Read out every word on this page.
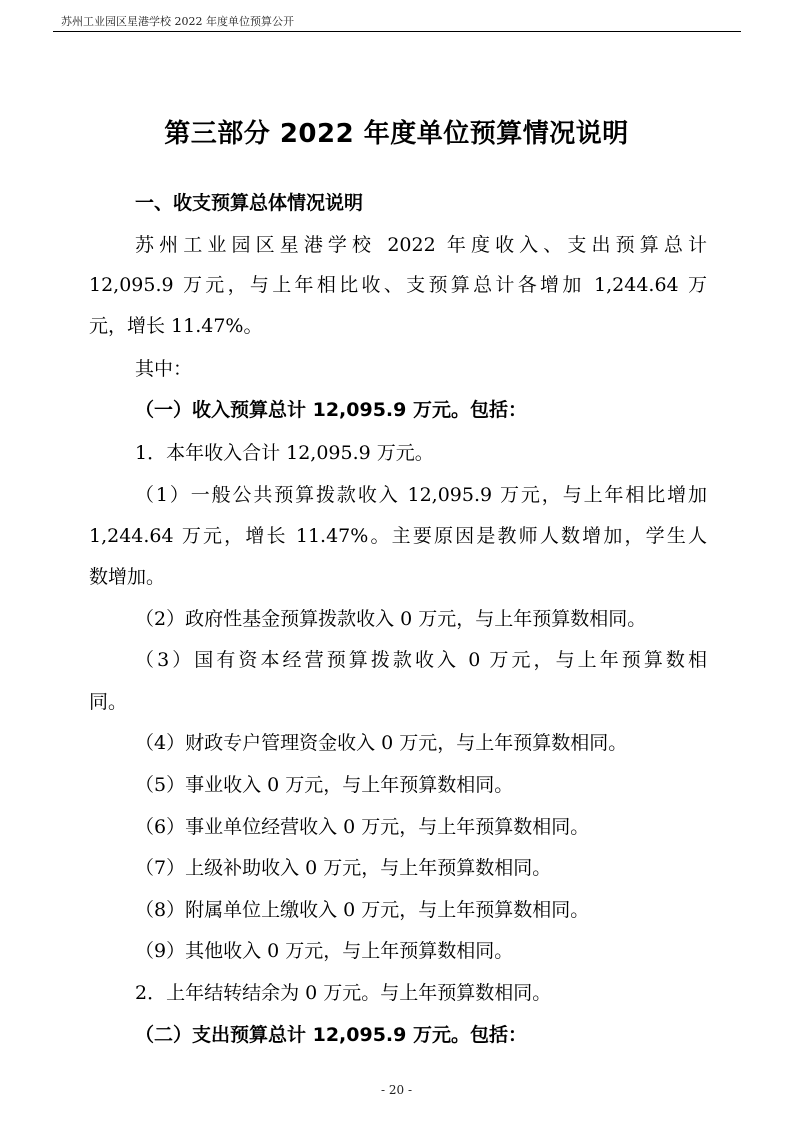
苏州工业园区星港学校 2022 年度单位预算公开
第三部分 2022 年度单位预算情况说明
一、收支预算总体情况说明
苏州工业园区星港学校 2022 年度收入、支出预算总计
12,095.9 万元，与上年相比收、支预算总计各增加 1,244.64 万
元，增长 11.47%。
其中：
（一）收入预算总计 12,095.9 万元。包括：
1．本年收入合计 12,095.9 万元。
（1）一般公共预算拨款收入 12,095.9 万元，与上年相比增加
1,244.64 万元，增长 11.47%。主要原因是教师人数增加，学生人
数增加。
（2）政府性基金预算拨款收入 0 万元，与上年预算数相同。
（3）国有资本经营预算拨款收入 0 万元，与上年预算数相
同。
（4）财政专户管理资金收入 0 万元，与上年预算数相同。
（5）事业收入 0 万元，与上年预算数相同。
（6）事业单位经营收入 0 万元，与上年预算数相同。
（7）上级补助收入 0 万元，与上年预算数相同。
（8）附属单位上缴收入 0 万元，与上年预算数相同。
（9）其他收入 0 万元，与上年预算数相同。
2．上年结转结余为 0 万元。与上年预算数相同。
（二）支出预算总计 12,095.9 万元。包括：
- 20 -
